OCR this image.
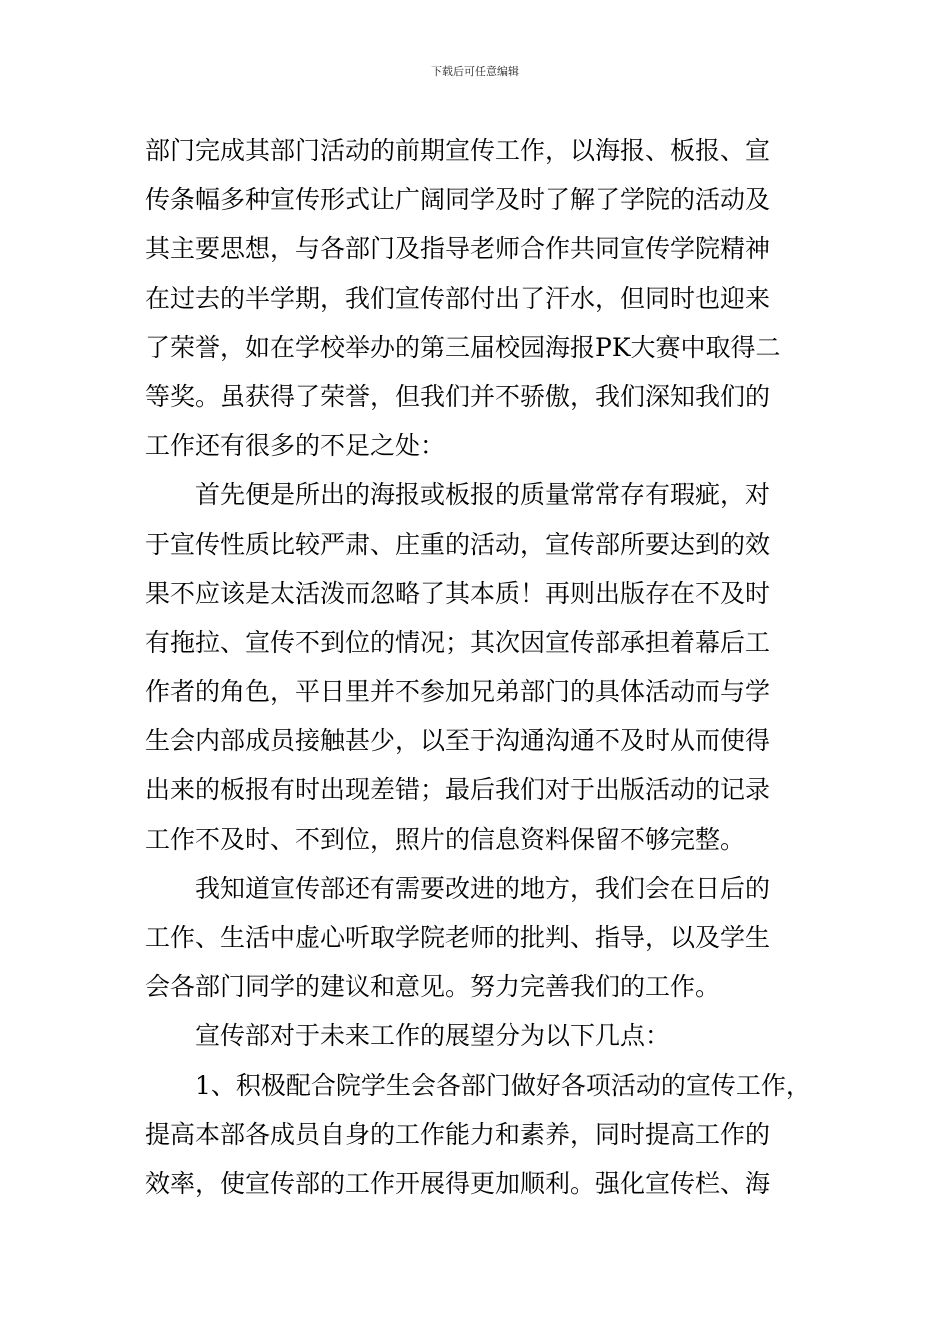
下载后可任意编辑
部门完成其部门活动的前期宣传工作，以海报、板报、宣
传条幅多种宣传形式让广阔同学及时了解了学院的活动及
其主要思想，与各部门及指导老师合作共同宣传学院精神
在过去的半学期，我们宣传部付出了汗水，但同时也迎来
了荣誉，如在学校举办的第三届校园海报PK大赛中取得二
等奖。虽获得了荣誉，但我们并不骄傲，我们深知我们的
工作还有很多的不足之处：
首先便是所出的海报或板报的质量常常存有瑕疵，对
于宣传性质比较严肃、庄重的活动，宣传部所要达到的效
果不应该是太活泼而忽略了其本质！再则出版存在不及时
有拖拉、宣传不到位的情况；其次因宣传部承担着幕后工
作者的角色，平日里并不参加兄弟部门的具体活动而与学
生会内部成员接触甚少，以至于沟通沟通不及时从而使得
出来的板报有时出现差错；最后我们对于出版活动的记录
工作不及时、不到位，照片的信息资料保留不够完整。
我知道宣传部还有需要改进的地方，我们会在日后的
工作、生活中虚心听取学院老师的批判、指导，以及学生
会各部门同学的建议和意见。努力完善我们的工作。
宣传部对于未来工作的展望分为以下几点：
1、积极配合院学生会各部门做好各项活动的宣传工作，
提高本部各成员自身的工作能力和素养，同时提高工作的
效率，使宣传部的工作开展得更加顺利。强化宣传栏、海
